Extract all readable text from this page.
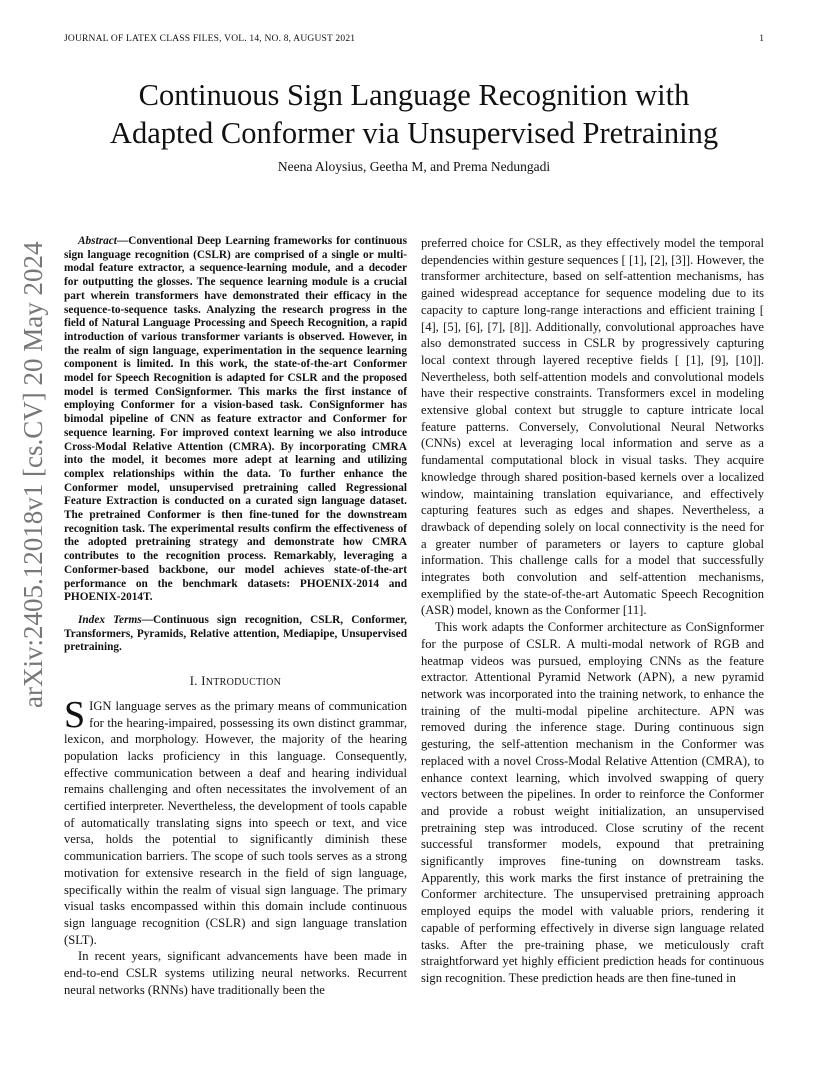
JOURNAL OF LATEX CLASS FILES, VOL. 14, NO. 8, AUGUST 2021	1
arXiv:2405.12018v1 [cs.CV] 20 May 2024
Continuous Sign Language Recognition with
Adapted Conformer via Unsupervised Pretraining
Neena Aloysius, Geetha M, and Prema Nedungadi

Abstract—Conventional Deep Learning frameworks for continuous sign language recognition (CSLR) are comprised of a single or multi-modal feature extractor, a sequence-learning module, and a decoder for outputting the glosses. The sequence learning module is a crucial part wherein transformers have demonstrated their efficacy in the sequence-to-sequence tasks. Analyzing the research progress in the field of Natural Language Processing and Speech Recognition, a rapid introduction of various transformer variants is observed. However, in the realm of sign language, experimentation in the sequence learning component is limited. In this work, the state-of-the-art Conformer model for Speech Recognition is adapted for CSLR and the proposed model is termed ConSignformer. This marks the first instance of employing Conformer for a vision-based task. ConSignformer has bimodal pipeline of CNN as feature extractor and Conformer for sequence learning. For improved context learning we also introduce Cross-Modal Relative Attention (CMRA). By incorporating CMRA into the model, it becomes more adept at learning and utilizing complex relationships within the data. To further enhance the Conformer model, unsupervised pretraining called Regressional Feature Extraction is conducted on a curated sign language dataset. The pretrained Conformer is then fine-tuned for the downstream recognition task. The experimental results confirm the effectiveness of the adopted pretraining strategy and demonstrate how CMRA contributes to the recognition process. Remarkably, leveraging a Conformer-based backbone, our model achieves state-of-the-art performance on the benchmark datasets: PHOENIX-2014 and PHOENIX-2014T.

Index Terms—Continuous sign recognition, CSLR, Conformer, Transformers, Pyramids, Relative attention, Mediapipe, Unsupervised pretraining.

I. INTRODUCTION

SIGN language serves as the primary means of communication for the hearing-impaired, possessing its own distinct grammar, lexicon, and morphology. However, the majority of the hearing population lacks proficiency in this language. Consequently, effective communication between a deaf and hearing individual remains challenging and often necessitates the involvement of an certified interpreter. Nevertheless, the development of tools capable of automatically translating signs into speech or text, and vice versa, holds the potential to significantly diminish these communication barriers. The scope of such tools serves as a strong motivation for extensive research in the field of sign language, specifically within the realm of visual sign language. The primary visual tasks encompassed within this domain include continuous sign language recognition (CSLR) and sign language translation (SLT).

In recent years, significant advancements have been made in end-to-end CSLR systems utilizing neural networks. Recurrent neural networks (RNNs) have traditionally been the

preferred choice for CSLR, as they effectively model the temporal dependencies within gesture sequences [ [1], [2], [3]]. However, the transformer architecture, based on self-attention mechanisms, has gained widespread acceptance for sequence modeling due to its capacity to capture long-range interactions and efficient training [ [4], [5], [6], [7], [8]]. Additionally, convolutional approaches have also demonstrated success in CSLR by progressively capturing local context through layered receptive fields [ [1], [9], [10]]. Nevertheless, both self-attention models and convolutional models have their respective constraints. Transformers excel in modeling extensive global context but struggle to capture intricate local feature patterns. Conversely, Convolutional Neural Networks (CNNs) excel at leveraging local information and serve as a fundamental computational block in visual tasks. They acquire knowledge through shared position-based kernels over a localized window, maintaining translation equivariance, and effectively capturing features such as edges and shapes. Nevertheless, a drawback of depending solely on local connectivity is the need for a greater number of parameters or layers to capture global information. This challenge calls for a model that successfully integrates both convolution and self-attention mechanisms, exemplified by the state-of-the-art Automatic Speech Recognition (ASR) model, known as the Conformer [11].

This work adapts the Conformer architecture as ConSignformer for the purpose of CSLR. A multi-modal network of RGB and heatmap videos was pursued, employing CNNs as the feature extractor. Attentional Pyramid Network (APN), a new pyramid network was incorporated into the training network, to enhance the training of the multi-modal pipeline architecture. APN was removed during the inference stage. During continuous sign gesturing, the self-attention mechanism in the Conformer was replaced with a novel Cross-Modal Relative Attention (CMRA), to enhance context learning, which involved swapping of query vectors between the pipelines. In order to reinforce the Conformer and provide a robust weight initialization, an unsupervised pretraining step was introduced. Close scrutiny of the recent successful transformer models, expound that pretraining significantly improves fine-tuning on downstream tasks. Apparently, this work marks the first instance of pretraining the Conformer architecture. The unsupervised pretraining approach employed equips the model with valuable priors, rendering it capable of performing effectively in diverse sign language related tasks. After the pre-training phase, we meticulously craft straightforward yet highly efficient prediction heads for continuous sign recognition. These prediction heads are then fine-tuned in
